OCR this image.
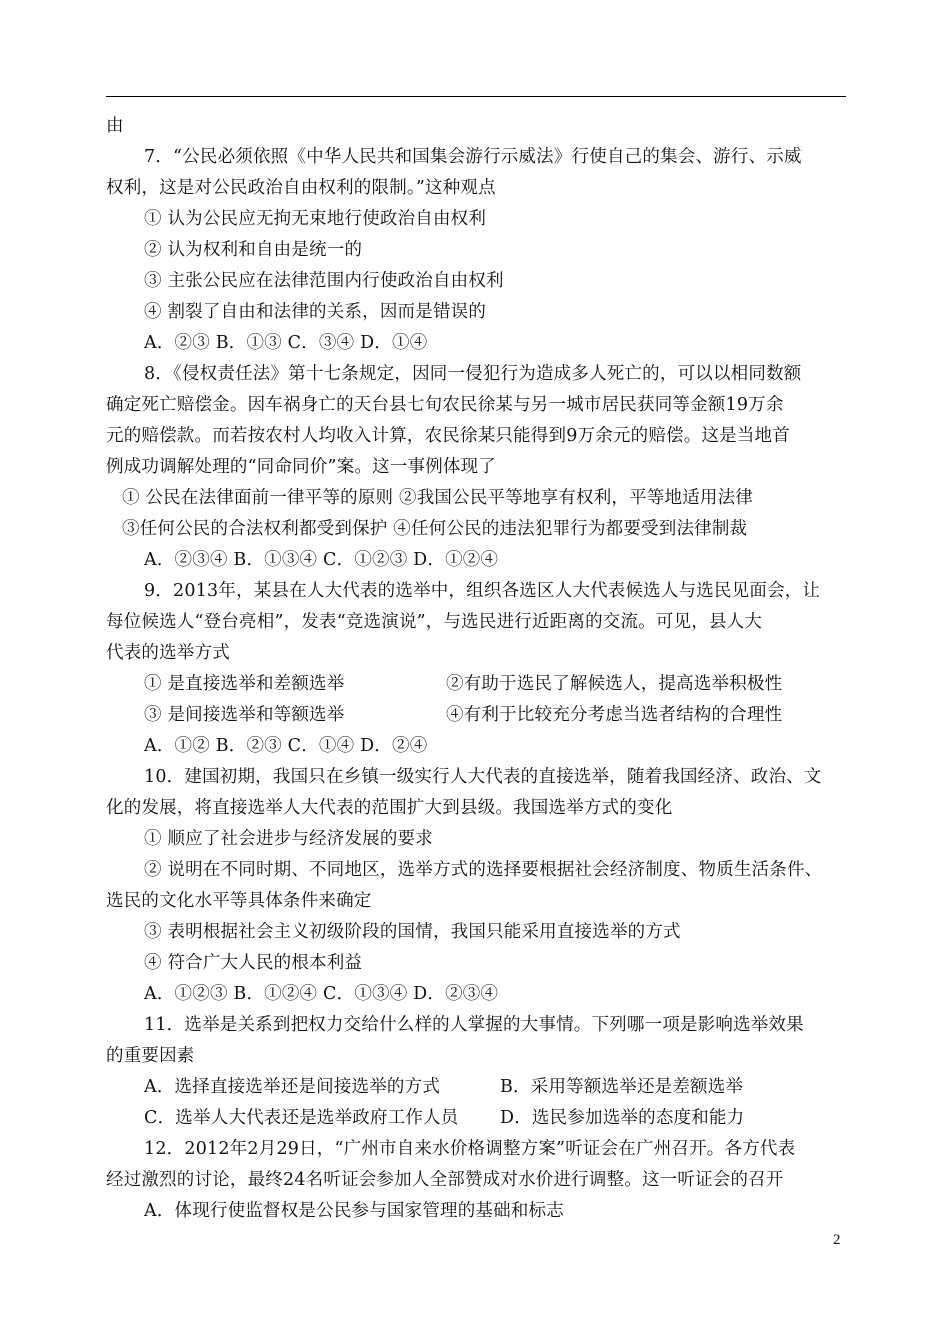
由
7．“公民必须依照《中华人民共和国集会游行示威法》行使自己的集会、游行、示威
权利，这是对公民政治自由权利的限制。”这种观点
① 认为公民应无拘无束地行使政治自由权利
② 认为权利和自由是统一的
③ 主张公民应在法律范围内行使政治自由权利
④ 割裂了自由和法律的关系，因而是错误的
A．②③ B．①③ C．③④ D．①④
8．《侵权责任法》第十七条规定，因同一侵犯行为造成多人死亡的，可以以相同数额
确定死亡赔偿金。因车祸身亡的天台县七旬农民徐某与另一城市居民获同等金额19万余
元的赔偿款。而若按农村人均收入计算，农民徐某只能得到9万余元的赔偿。这是当地首
例成功调解处理的“同命同价”案。这一事例体现了
① 公民在法律面前一律平等的原则 ②我国公民平等地享有权利，平等地适用法律
③任何公民的合法权利都受到保护 ④任何公民的违法犯罪行为都要受到法律制裁
A．②③④ B．①③④ C．①②③ D．①②④
9．2013年，某县在人大代表的选举中，组织各选区人大代表候选人与选民见面会，让
每位候选人“登台亮相”，发表“竞选演说”，与选民进行近距离的交流。可见，县人大
代表的选举方式
① 是直接选举和差额选举	②有助于选民了解候选人，提高选举积极性
③ 是间接选举和等额选举	④有利于比较充分考虑当选者结构的合理性
A．①② B．②③ C．①④ D．②④
10．建国初期，我国只在乡镇一级实行人大代表的直接选举，随着我国经济、政治、文
化的发展，将直接选举人大代表的范围扩大到县级。我国选举方式的变化
① 顺应了社会进步与经济发展的要求
② 说明在不同时期、不同地区，选举方式的选择要根据社会经济制度、物质生活条件、
选民的文化水平等具体条件来确定
③ 表明根据社会主义初级阶段的国情，我国只能采用直接选举的方式
④ 符合广大人民的根本利益
A．①②③ B．①②④ C．①③④ D．②③④
11．选举是关系到把权力交给什么样的人掌握的大事情。下列哪一项是影响选举效果
的重要因素
A．选择直接选举还是间接选举的方式	B．采用等额选举还是差额选举
C．选举人大代表还是选举政府工作人员 D．选民参加选举的态度和能力
12．2012年2月29日，“广州市自来水价格调整方案”听证会在广州召开。各方代表
经过激烈的讨论，最终24名听证会参加人全部赞成对水价进行调整。这一听证会的召开
A．体现行使监督权是公民参与国家管理的基础和标志
2
